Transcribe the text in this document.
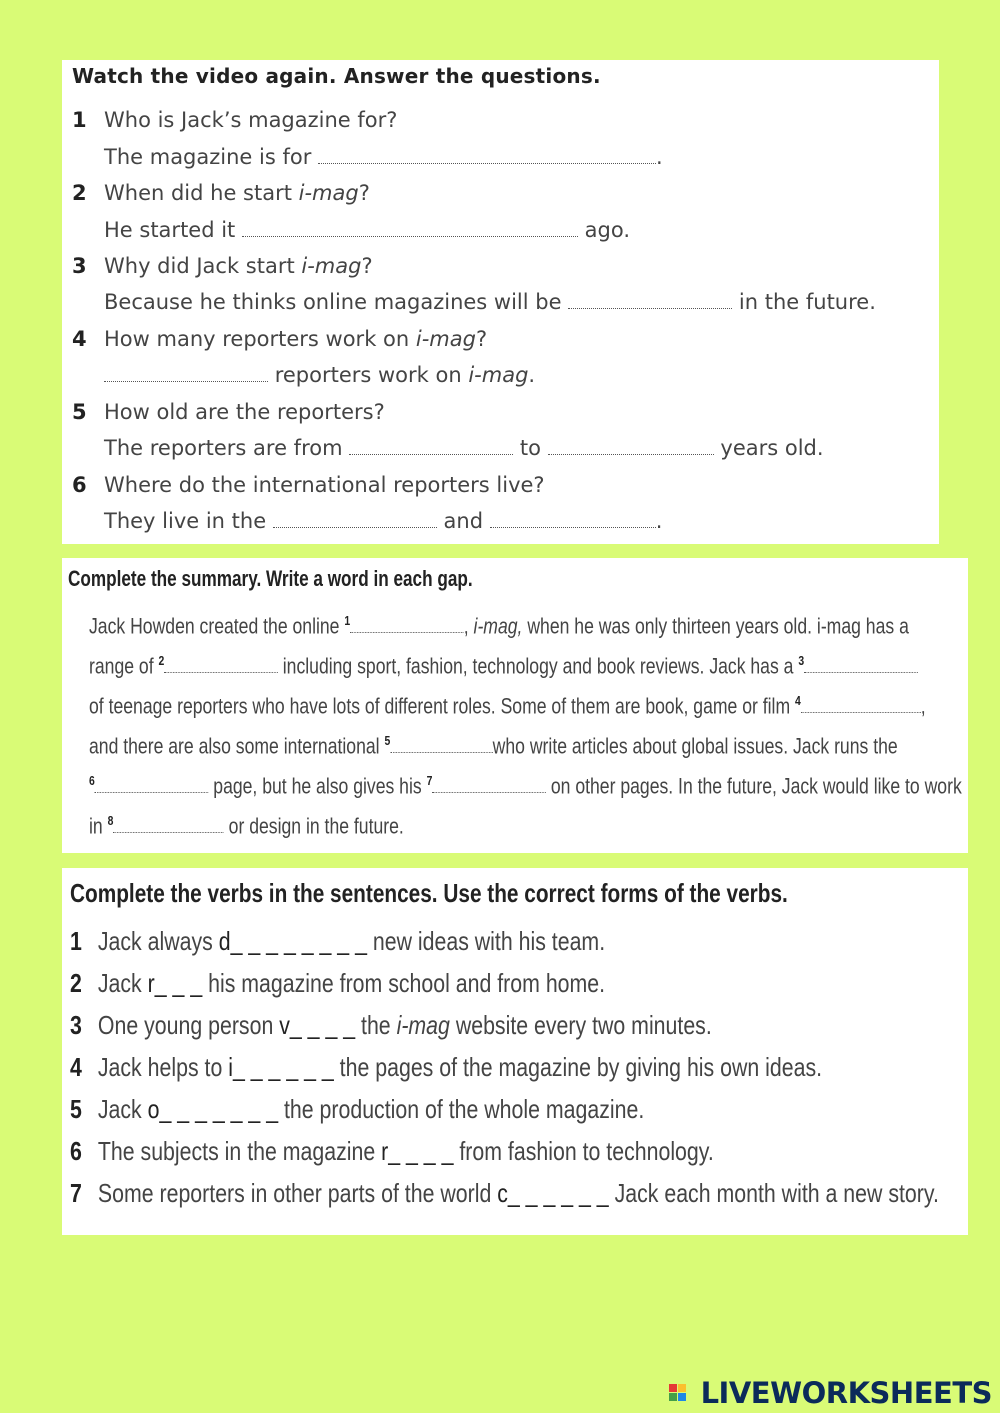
Watch the video again. Answer the questions.
1 Who is Jack’s magazine for?
The magazine is for	.
2 When did he start i-mag?
He started it	ago.
3 Why did Jack start i-mag?
Because he thinks online magazines will be	in the future.
4 How many reporters work on i-mag?
reporters work on i-mag.
5 How old are the reporters?
The reporters are from	to	years old.
6 Where do the international reporters live?
They live in the	and	.
Complete the summary. Write a word in each gap.
Jack Howden created the online $^1$	, i-mag, when he was only thirteen years old. i-mag has a
range of $^2$	including sport, fashion, technology and book reviews. Jack has a $^3$
of teenage reporters who have lots of different roles. Some of them are book, game or film $^4$	,
and there are also some international $^5$	who write articles about global issues. Jack runs the
$^6$	page, but he also gives his $^7$	on other pages. In the future, Jack would like to work
in $^8$	or design in the future.
Complete the verbs in the sentences. Use the correct forms of the verbs.
1 Jack always d_ _ _ _ _ _ _ _ new ideas with his team.
2 Jack r_ _ _ his magazine from school and from home.
3 One young person v_ _ _ _ the i-mag website every two minutes.
4 Jack helps to i_ _ _ _ _ _ the pages of the magazine by giving his own ideas.
5 Jack o_ _ _ _ _ _ _ the production of the whole magazine.
6 The subjects in the magazine r_ _ _ _ from fashion to technology.
7 Some reporters in other parts of the world c_ _ _ _ _ _ Jack each month with a new story.
LIVEWORKSHEETS
